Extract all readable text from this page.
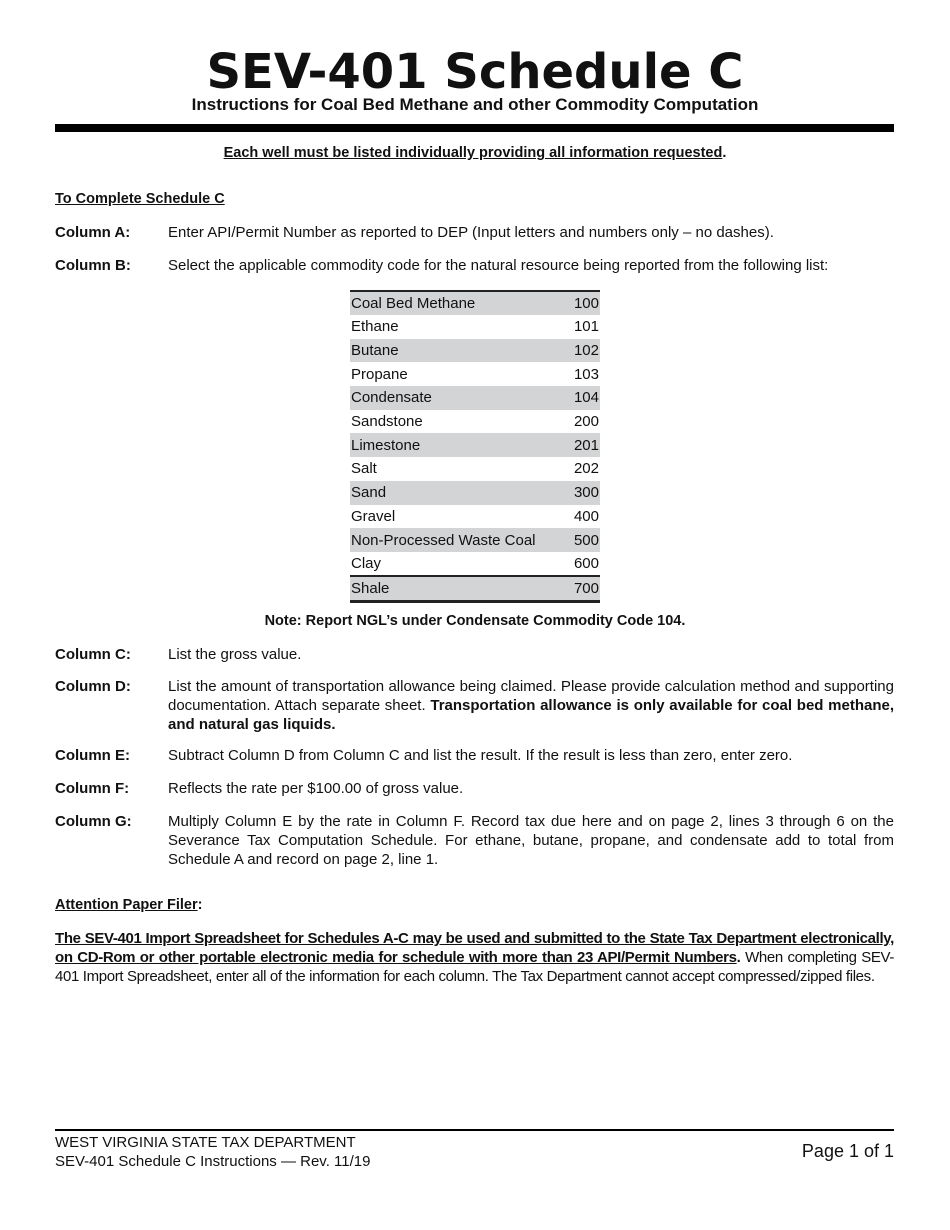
SEV-401 Schedule C
Instructions for Coal Bed Methane and other Commodity Computation
Each well must be listed individually providing all information requested.
To Complete Schedule C
Column A:	Enter API/Permit Number as reported to DEP (Input letters and numbers only – no dashes).
Column B:	Select the applicable commodity code for the natural resource being reported from the following list:
Coal Bed Methane	100
Ethane	101
Butane	102
Propane	103
Condensate	104
Sandstone	200
Limestone	201
Salt	202
Sand	300
Gravel	400
Non-Processed Waste Coal	500
Clay	600
Shale	700
Note: Report NGL’s under Condensate Commodity Code 104.
Column C:	List the gross value.
Column D:	List the amount of transportation allowance being claimed. Please provide calculation method and supporting documentation. Attach separate sheet. Transportation allowance is only available for coal bed methane, and natural gas liquids.
Column E:	Subtract Column D from Column C and list the result. If the result is less than zero, enter zero.
Column F:	Reflects the rate per $100.00 of gross value.
Column G:	Multiply Column E by the rate in Column F. Record tax due here and on page 2, lines 3 through 6 on the Severance Tax Computation Schedule. For ethane, butane, propane, and condensate add to total from Schedule A and record on page 2, line 1.
Attention Paper Filer:
The SEV-401 Import Spreadsheet for Schedules A-C may be used and submitted to the State Tax Department electronically, on CD-Rom or other portable electronic media for schedule with more than 23 API/Permit Numbers. When completing SEV-401 Import Spreadsheet, enter all of the information for each column. The Tax Department cannot accept compressed/zipped files.
WEST VIRGINIA STATE TAX DEPARTMENT
SEV-401 Schedule C Instructions — Rev. 11/19
Page 1 of 1
